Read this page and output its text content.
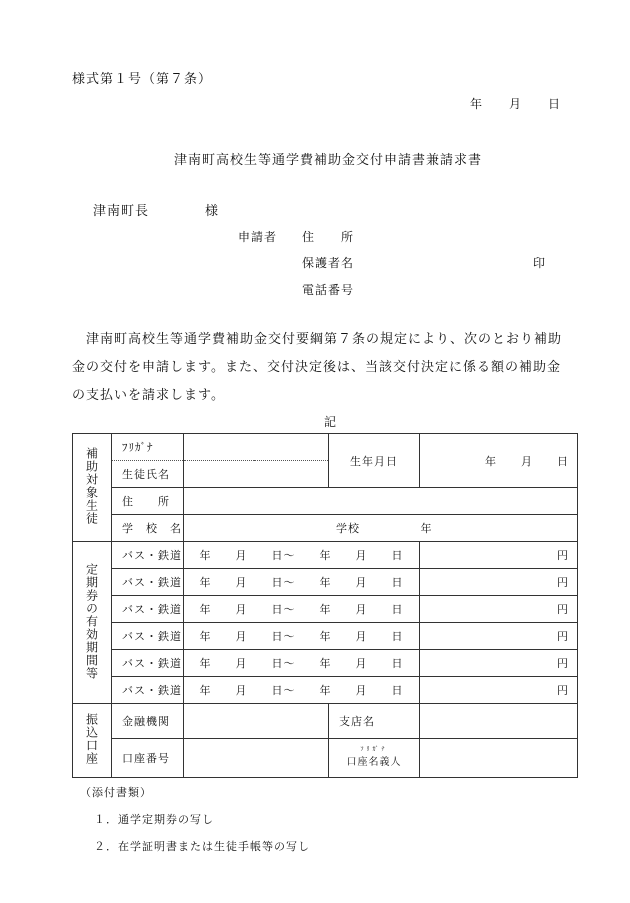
様式第１号（第７条）
年　　月　　日
津南町高校生等通学費補助金交付申請書兼請求書
津南町長　　　　様
申請者 住　　所
保護者名	印
電話番号
　津南町高校生等通学費補助金交付要綱第７条の規定により、次のとおり補助
金の交付を申請します。また、交付決定後は、当該交付決定に係る額の補助金
の支払いを請求します。
記
補助対象生徒	ﾌﾘｶﾞﾅ		生年月日	年　　月　　日
	生徒氏名			
	住　　所			
	学　校　名	学校 年		
定期券の有効期間等	バス・鉄道	年　　月　　日～　　年　　月　　日		円
	バス・鉄道	年　　月　　日～　　年　　月　　日		円
	バス・鉄道	年　　月　　日～　　年　　月　　日		円
	バス・鉄道	年　　月　　日～　　年　　月　　日		円
	バス・鉄道	年　　月　　日～　　年　　月　　日		円
	バス・鉄道	年　　月　　日～　　年　　月　　日		円
振込口座	金融機関		支店名	
	口座番号		ﾌﾘｶﾞﾅ
口座名義人	

（添付書類）
１．通学定期券の写し
２．在学証明書または生徒手帳等の写し
